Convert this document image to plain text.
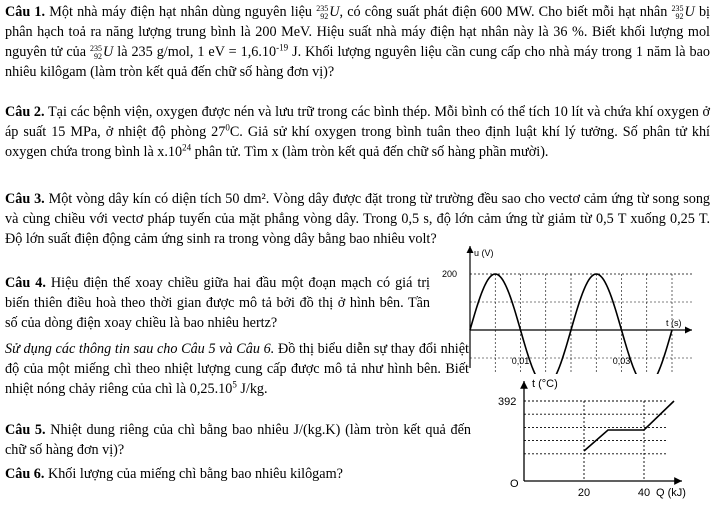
Câu 1. Một nhà máy điện hạt nhân dùng nguyên liệu 235
92 U, có công suất phát điện 600 MW. Cho biết mỗi hạt nhân 235
92 U bị phân hạch toả ra năng lượng trung bình là 200 MeV. Hiệu suất nhà máy điện hạt nhân này là 36 %. Biết khối lượng mol nguyên tử của 235
92 U là 235 g/mol, 1 eV = $1,6.10^{-19}$ J. Khối lượng nguyên liệu cần cung cấp cho nhà máy trong 1 năm là bao nhiêu kilôgam (làm tròn kết quả đến chữ số hàng đơn vị)?

Câu 2. Tại các bệnh viện, oxygen được nén và lưu trữ trong các bình thép. Mỗi bình có thể tích 10 lít và chứa khí oxygen ở áp suất 15 MPa, ở nhiệt độ phòng $27^0C$. Giả sử khí oxygen trong bình tuân theo định luật khí lý tưởng. Số phân tử khí oxygen chứa trong bình là $x.10^{24}$ phân tử. Tìm x (làm tròn kết quả đến chữ số hàng phần mười).

Câu 3. Một vòng dây kín có diện tích 50 dm². Vòng dây được đặt trong từ trường đều sao cho vectơ cảm ứng từ song song và cùng chiều với vectơ pháp tuyến của mặt phẳng vòng dây. Trong 0,5 s, độ lớn cảm ứng từ giảm từ 0,5 T xuống 0,25 T. Độ lớn suất điện động cảm ứng sinh ra trong vòng dây bằng bao nhiêu volt?

Câu 4. Hiệu điện thế xoay chiều giữa hai đầu một đoạn mạch có giá trị biến thiên điều hoà theo thời gian được mô tả bởi đồ thị ở hình bên. Tần số của dòng điện xoay chiều là bao nhiêu hertz?

Sử dụng các thông tin sau cho Câu 5 và Câu 6. Đồ thị biểu diễn sự thay đổi nhiệt độ của một miếng chì theo nhiệt lượng cung cấp được mô tả như hình bên. Biết nhiệt nóng chảy riêng của chì là 0,25.10$^5$ J/kg.

Câu 5. Nhiệt dung riêng của chì bằng bao nhiêu J/(kg.K) (làm tròn kết quả đến chữ số hàng đơn vị)?

Câu 6. Khối lượng của miếng chì bằng bao nhiêu kilôgam?

u (V)
t (s)
200
0,01	0,03
t (°C)
Q (kJ)
392
O
20	40
